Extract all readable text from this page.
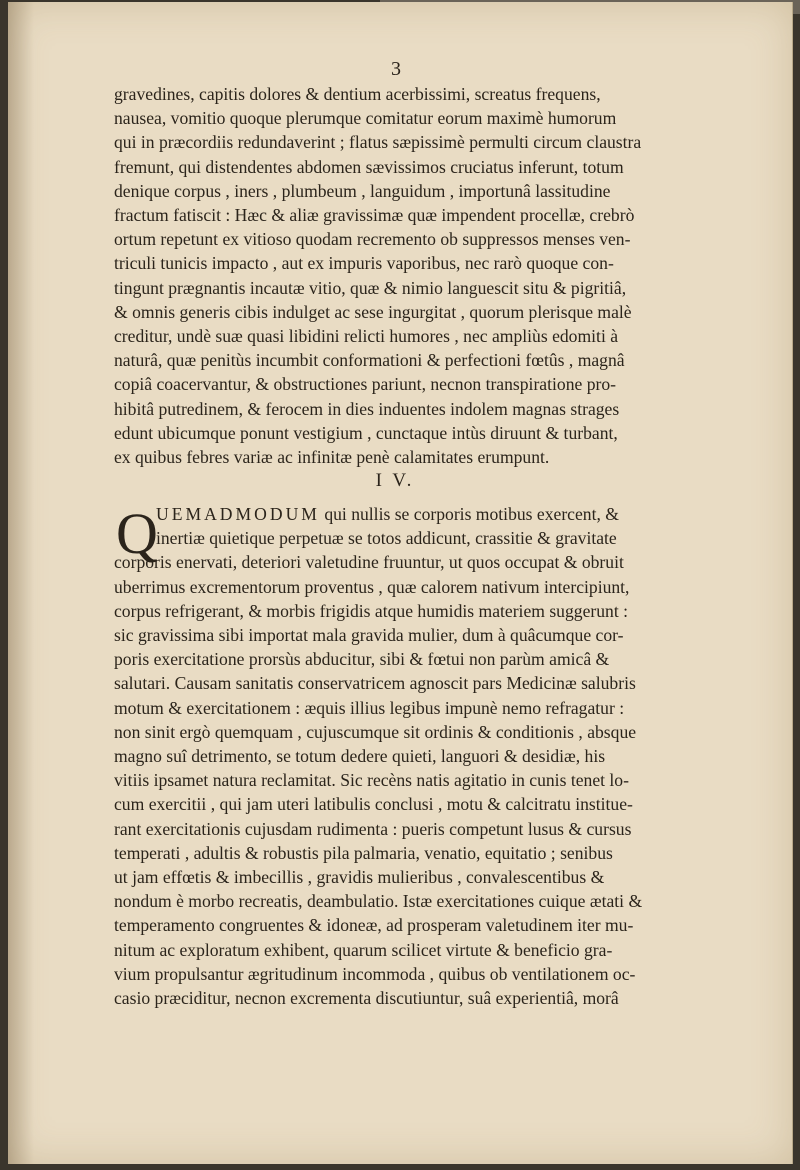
3
gravedines, capitis dolores & dentium acerbissimi, screatus frequens,
nausea, vomitio quoque plerumque comitatur eorum maximè humorum
qui in præcordiis redundaverint ; flatus sæpissimè permulti circum claustra
fremunt, qui distendentes abdomen sævissimos cruciatus inferunt, totum
denique corpus , iners , plumbeum , languidum , importunâ lassitudine
fractum fatiscit : Hæc & aliæ gravissimæ quæ impendent procellæ, crebrò
ortum repetunt ex vitioso quodam recremento ob suppressos menses ven-
triculi tunicis impacto , aut ex impuris vaporibus, nec rarò quoque con-
tingunt prægnantis incautæ vitio, quæ & nimio languescit situ & pigritiâ,
& omnis generis cibis indulget ac sese ingurgitat , quorum plerisque malè
creditur, undè suæ quasi libidini relicti humores , nec ampliùs edomiti à
naturâ, quæ penitùs incumbit conformationi & perfectioni fœtûs , magnâ
copiâ coacervantur, & obstructiones pariunt, necnon transpiratione pro-
hibitâ putredinem, & ferocem in dies induentes indolem magnas strages
edunt ubicumque ponunt vestigium , cunctaque intùs diruunt & turbant,
ex quibus febres variæ ac infinitæ penè calamitates erumpunt.
I V.
Q
UEMADMODUM qui nullis se corporis motibus exercent, &
inertiæ quietique perpetuæ se totos addicunt, crassitie & gravitate
corporis enervati, deteriori valetudine fruuntur, ut quos occupat & obruit
uberrimus excrementorum proventus , quæ calorem nativum intercipiunt,
corpus refrigerant, & morbis frigidis atque humidis materiem suggerunt :
sic gravissima sibi importat mala gravida mulier, dum à quâcumque cor-
poris exercitatione prorsùs abducitur, sibi & fœtui non parùm amicâ &
salutari. Causam sanitatis conservatricem agnoscit pars Medicinæ salubris
motum & exercitationem : æquis illius legibus impunè nemo refragatur :
non sinit ergò quemquam , cujuscumque sit ordinis & conditionis , absque
magno suî detrimento, se totum dedere quieti, languori & desidiæ, his
vitiis ipsamet natura reclamitat. Sic recèns natis agitatio in cunis tenet lo-
cum exercitii , qui jam uteri latibulis conclusi , motu & calcitratu institue-
rant exercitationis cujusdam rudimenta : pueris competunt lusus & cursus
temperati , adultis & robustis pila palmaria, venatio, equitatio ; senibus
ut jam effœtis & imbecillis , gravidis mulieribus , convalescentibus &
nondum è morbo recreatis, deambulatio. Istæ exercitationes cuique ætati &
temperamento congruentes & idoneæ, ad prosperam valetudinem iter mu-
nitum ac exploratum exhibent, quarum scilicet virtute & beneficio gra-
vium propulsantur ægritudinum incommoda , quibus ob ventilationem oc-
casio præciditur, necnon excrementa discutiuntur, suâ experientiâ, morâ
